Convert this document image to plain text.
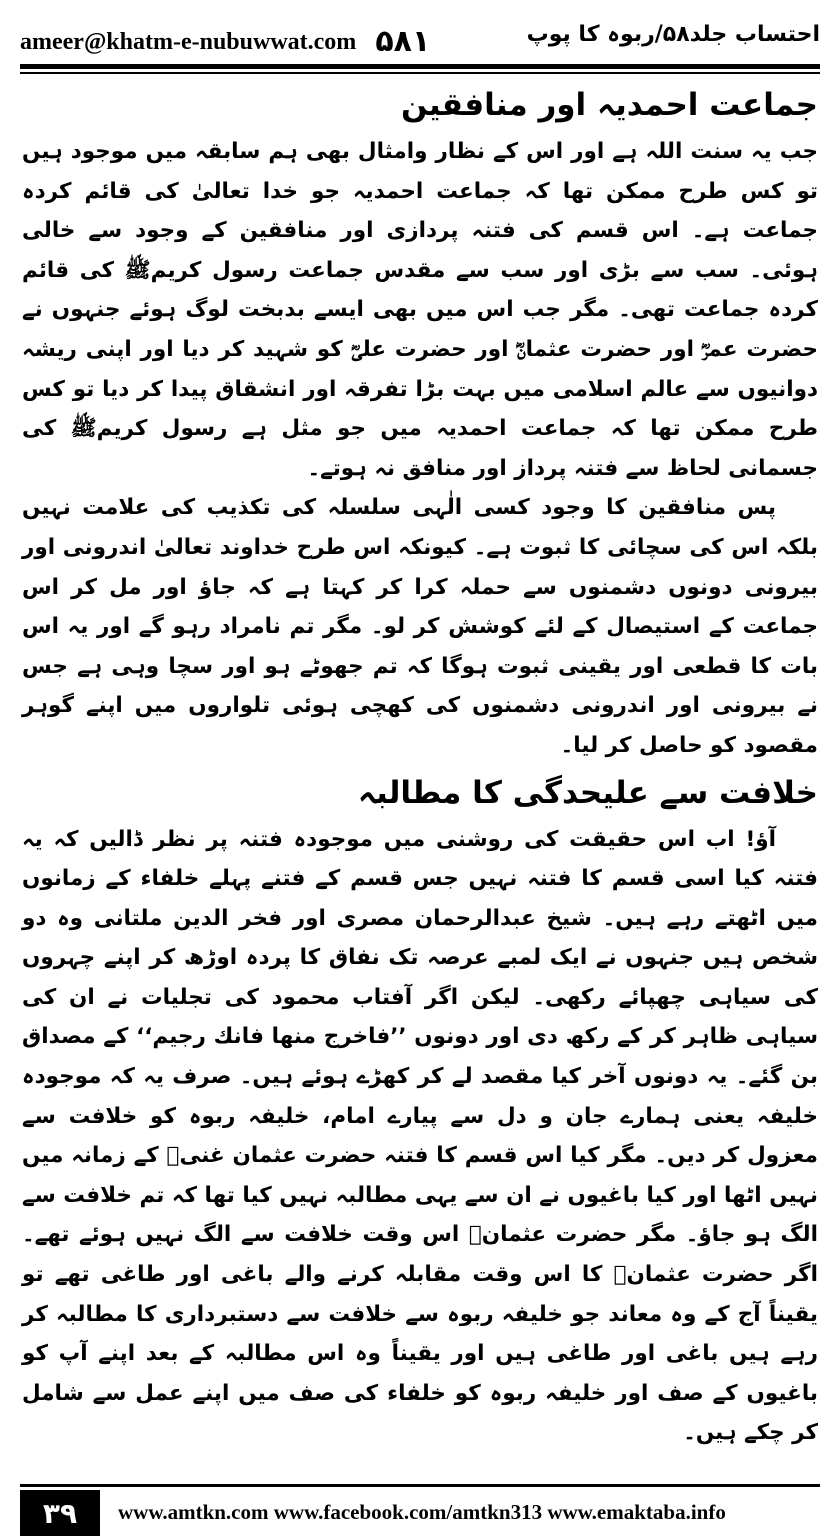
ameer@khatm-e-nubuwwat.com ۵۸۱	احتساب جلد۵۸/ربوہ کا پوپ
جماعت احمدیہ اور منافقین

جب یہ سنت اللہ ہے اور اس کے نظار وامثال بھی ہم سابقہ میں موجود ہیں تو کس طرح ممکن تھا کہ جماعت احمدیہ جو خدا تعالیٰ کی قائم کردہ جماعت ہے۔ اس قسم کی فتنہ پردازی اور منافقین کے وجود سے خالی ہوئی۔ سب سے بڑی اور سب سے مقدس جماعت رسول کریمﷺ کی قائم کردہ جماعت تھی۔ مگر جب اس میں بھی ایسے بدبخت لوگ ہوئے جنہوں نے حضرت عمرؓ اور حضرت عثمانؓ اور حضرت علیؓ کو شہید کر دیا اور اپنی ریشہ دوانیوں سے عالم اسلامی میں بہت بڑا تفرقہ اور انشقاق پیدا کر دیا تو کس طرح ممکن تھا کہ جماعت احمدیہ میں جو مثل ہے رسول کریمﷺ کی جسمانی لحاظ سے فتنہ پرداز اور منافق نہ ہوتے۔

پس منافقین کا وجود کسی الٰہی سلسلہ کی تکذیب کی علامت نہیں بلکہ اس کی سچائی کا ثبوت ہے۔ کیونکہ اس طرح خداوند تعالیٰ اندرونی اور بیرونی دونوں دشمنوں سے حملہ کرا کر کہتا ہے کہ جاؤ اور مل کر اس جماعت کے استیصال کے لئے کوشش کر لو۔ مگر تم نامراد رہو گے اور یہ اس بات کا قطعی اور یقینی ثبوت ہوگا کہ تم جھوٹے ہو اور سچا وہی ہے جس نے بیرونی اور اندرونی دشمنوں کی کھچی ہوئی تلواروں میں اپنے گوہر مقصود کو حاصل کر لیا۔

خلافت سے علیحدگی کا مطالبہ

آؤ! اب اس حقیقت کی روشنی میں موجودہ فتنہ پر نظر ڈالیں کہ یہ فتنہ کیا اسی قسم کا فتنہ نہیں جس قسم کے فتنے پہلے خلفاء کے زمانوں میں اٹھتے رہے ہیں۔ شیخ عبدالرحمان مصری اور فخر الدین ملتانی وہ دو شخص ہیں جنہوں نے ایک لمبے عرصہ تک نفاق کا پردہ اوڑھ کر اپنے چہروں کی سیاہی چھپائے رکھی۔ لیکن اگر آفتاب محمود کی تجلیات نے ان کی سیاہی ظاہر کر کے رکھ دی اور دونوں ’’فاخرج منها فانك رجيم‘‘ کے مصداق بن گئے۔ یہ دونوں آخر کیا مقصد لے کر کھڑے ہوئے ہیں۔ صرف یہ کہ موجودہ خلیفہ یعنی ہمارے جان و دل سے پیارے امام، خلیفہ ربوہ کو خلافت سے معزول کر دیں۔ مگر کیا اس قسم کا فتنہ حضرت عثمان غنیؓ کے زمانہ میں نہیں اٹھا اور کیا باغیوں نے ان سے یہی مطالبہ نہیں کیا تھا کہ تم خلافت سے الگ ہو جاؤ۔ مگر حضرت عثمانؓ اس وقت خلافت سے الگ نہیں ہوئے تھے۔ اگر حضرت عثمانؓ کا اس وقت مقابلہ کرنے والے باغی اور طاغی تھے تو یقیناً آج کے وہ معاند جو خلیفہ ربوہ سے خلافت سے دستبرداری کا مطالبہ کر رہے ہیں باغی اور طاغی ہیں اور یقیناً وہ اس مطالبہ کے بعد اپنے آپ کو باغیوں کے صف اور خلیفہ ربوہ کو خلفاء کی صف میں اپنے عمل سے شامل کر چکے ہیں۔

۳۹	www.amtkn.com www.facebook.com/amtkn313 www.emaktaba.info
